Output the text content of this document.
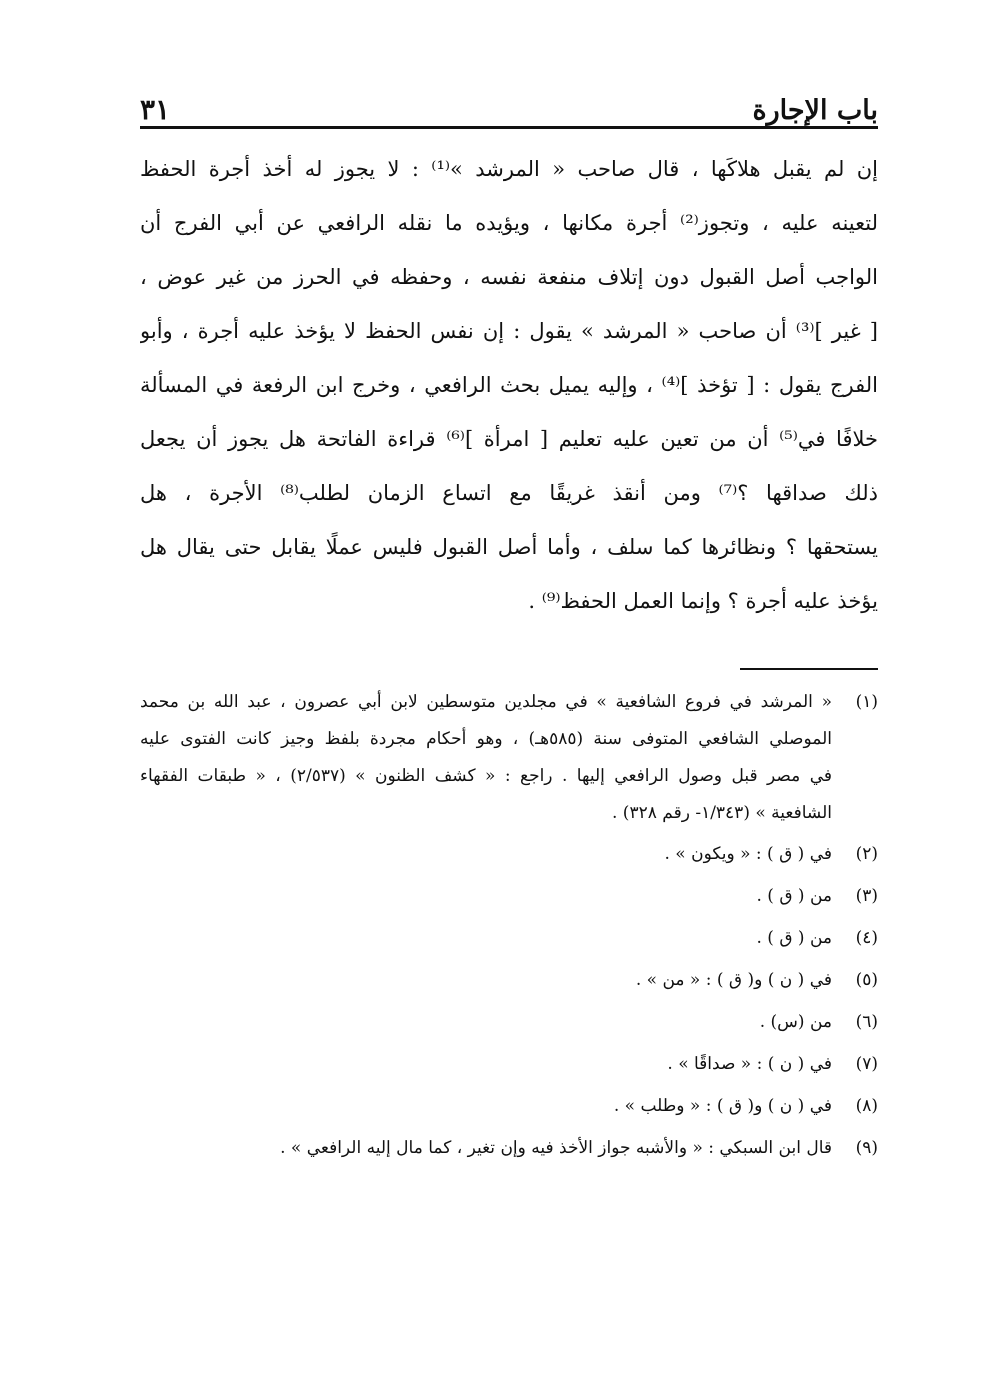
باب الإجارة
٣١
إن لم يقبل هلاكَها ، قال صاحب « المرشد »⁽¹⁾ : لا يجوز له أخذ أجرة الحفظ
لتعينه عليه ، وتجوز⁽²⁾ أجرة مكانها ، ويؤيده ما نقله الرافعي عن أبي الفرج أن
الواجب أصل القبول دون إتلاف منفعة نفسه ، وحفظه في الحرز من غير عوض ،
[ غير ]⁽³⁾ أن صاحب « المرشد » يقول : إن نفس الحفظ لا يؤخذ عليه أجرة ، وأبو
الفرج يقول : [ تؤخذ ]⁽⁴⁾ ، وإليه يميل بحث الرافعي ، وخرج ابن الرفعة في المسألة
خلافًا في⁽⁵⁾ أن من تعين عليه تعليم [ امرأة ]⁽⁶⁾ قراءة الفاتحة هل يجوز أن يجعل
ذلك صداقها ؟⁽⁷⁾ ومن أنقذ غريقًا مع اتساع الزمان لطلب⁽⁸⁾ الأجرة ، هل
يستحقها ؟ ونظائرها كما سلف ، وأما أصل القبول فليس عملًا يقابل حتى يقال هل
يؤخذ عليه أجرة ؟ وإنما العمل الحفظ⁽⁹⁾ .
(١)
« المرشد في فروع الشافعية » في مجلدين متوسطين لابن أبي عصرون ، عبد الله بن محمد
الموصلي الشافعي المتوفى سنة (٥٨٥هـ) ، وهو أحكام مجردة بلفظ وجيز كانت الفتوى عليه
في مصر قبل وصول الرافعي إليها . راجع : « كشف الظنون » (٢/٥٣٧) ، « طبقات الفقهاء
الشافعية » (١/٣٤٣- رقم ٣٢٨) .
(٢)
في ( ق ) : « ويكون » .
(٣)
من ( ق ) .
(٤)
من ( ق ) .
(٥)
في ( ن ) و( ق ) : « من » .
(٦)
من (س) .
(٧)
في ( ن ) : « صداقًا » .
(٨)
في ( ن ) و( ق ) : « وطلب » .
(٩)
قال ابن السبكي : « والأشبه جواز الأخذ فيه وإن تغير ، كما مال إليه الرافعي » .
